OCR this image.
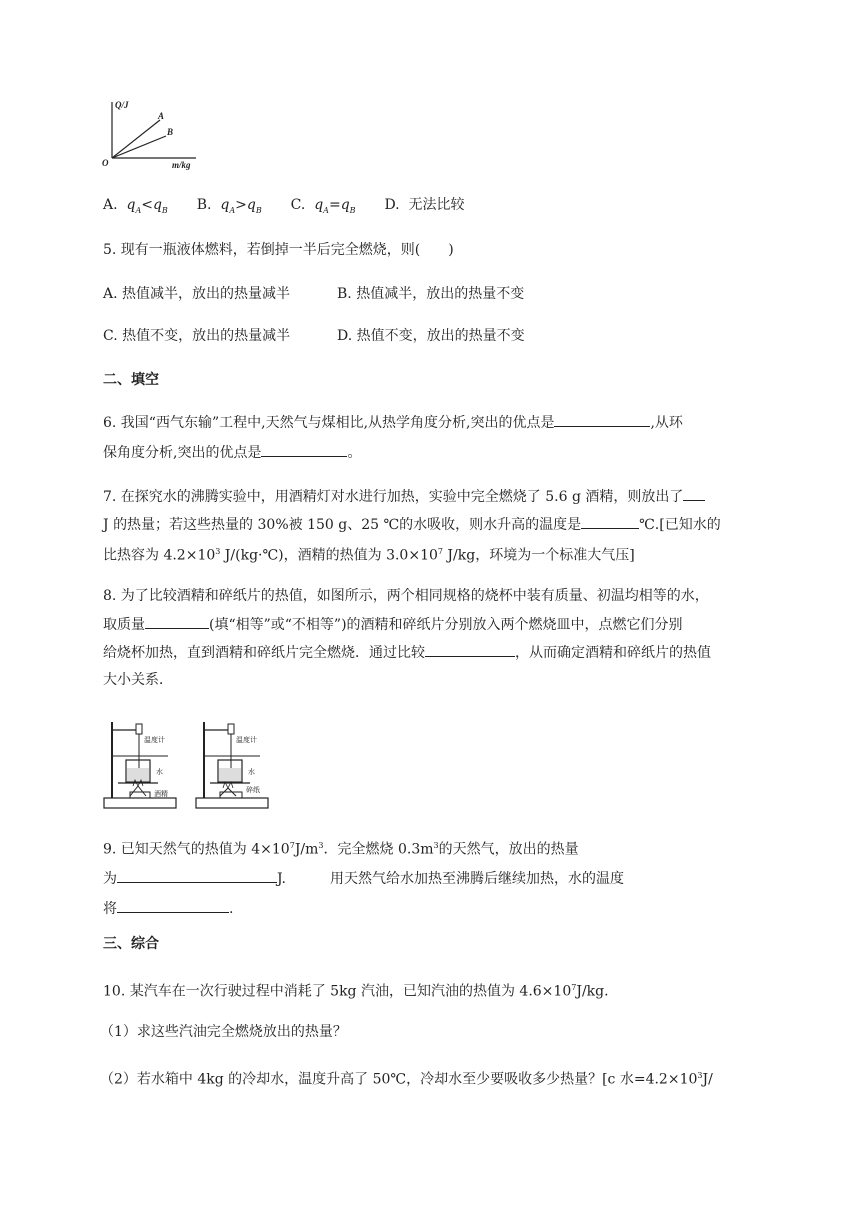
Q/J
A
B
O	m/kg
A. $q_A<q_B$ B. $q_A>q_B$ C. $q_A=q_B$ D. 无法比较
5. 现有一瓶液体燃料，若倒掉一半后完全燃烧，则(　　)
A. 热值减半，放出的热量减半	B. 热值减半，放出的热量不变
C. 热值不变，放出的热量减半	D. 热值不变，放出的热量不变
二、填空
6. 我国“西气东输”工程中,天然气与煤相比,从热学角度分析,突出的优点是	,从环
保角度分析,突出的优点是	。
7. 在探究水的沸腾实验中，用酒精灯对水进行加热，实验中完全燃烧了 5.6 g 酒精，则放出了
J 的热量；若这些热量的 30%被 150 g、25 ℃的水吸收，则水升高的温度是	℃.[已知水的
比热容为 $4.2\times 10^3$ J/(kg·℃)，酒精的热值为 $3.0\times 10^7$ J/kg，环境为一个标准大气压]
8. 为了比较酒精和碎纸片的热值，如图所示，两个相同规格的烧杯中装有质量、初温均相等的水，
取质量	(填“相等”或“不相等”)的酒精和碎纸片分别放入两个燃烧皿中，点燃它们分别
给烧杯加热，直到酒精和碎纸片完全燃烧．通过比较	，从而确定酒精和碎纸片的热值
大小关系．
温度计
水
酒精
温度计
水
碎纸
9. 已知天然气的热值为 $4\times 10^7J/m^3$．完全燃烧 $0.3m^3$的天然气，放出的热量
为	J.	用天然气给水加热至沸腾后继续加热，水的温度
将	.
三、综合
10. 某汽车在一次行驶过程中消耗了 5kg 汽油，已知汽油的热值为 $4.6\times 10^7J/kg$.
（1）求这些汽油完全燃烧放出的热量？
（2）若水箱中 4kg 的冷却水，温度升高了 50℃，冷却水至少要吸收多少热量？[c 水$=4.2\times 10^3J/$
